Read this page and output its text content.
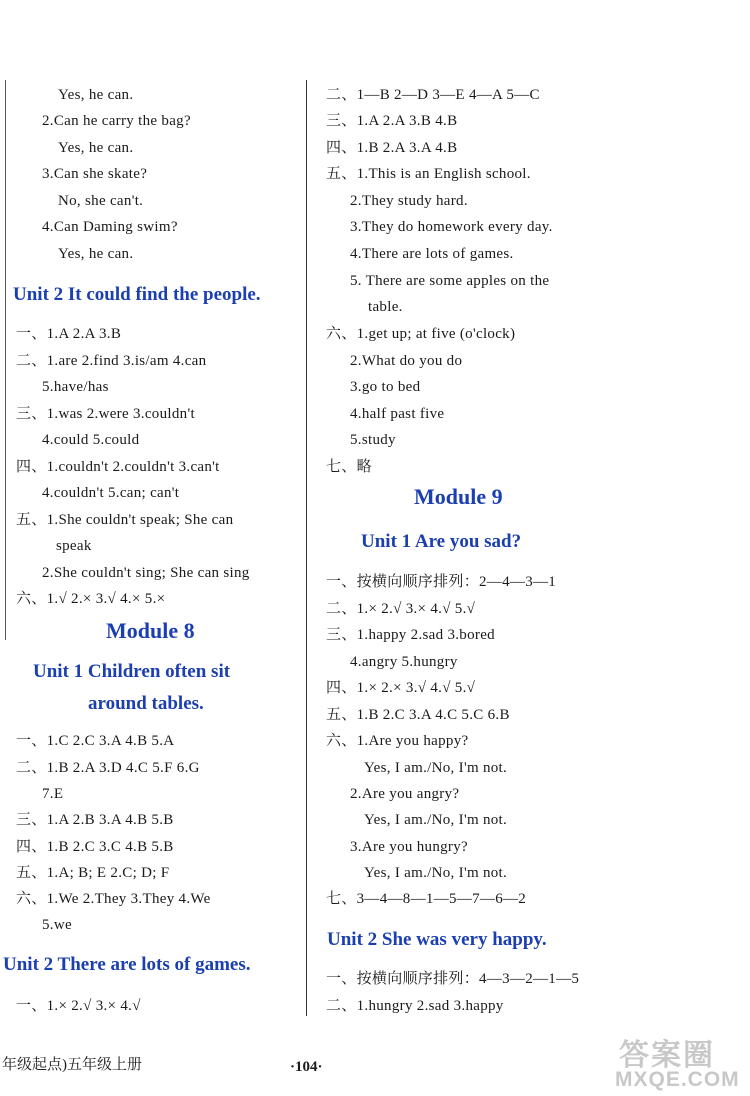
Yes, he can.
2.Can he carry the bag?
Yes, he can.
3.Can she skate?
No, she can't.
4.Can Daming swim?
Yes, he can.
Unit 2 It could find the people.
一、1.A 2.A 3.B
二、1.are 2.find 3.is/am 4.can
5.have/has
三、1.was 2.were 3.couldn't
4.could 5.could
四、1.couldn't 2.couldn't 3.can't
4.couldn't 5.can; can't
五、1.She couldn't speak; She can
speak
2.She couldn't sing; She can sing
六、1.√ 2.× 3.√ 4.× 5.×
Module 8
Unit 1 Children often sit
around tables.
一、1.C 2.C 3.A 4.B 5.A
二、1.B 2.A 3.D 4.C 5.F 6.G
7.E
三、1.A 2.B 3.A 4.B 5.B
四、1.B 2.C 3.C 4.B 5.B
五、1.A; B; E 2.C; D; F
六、1.We 2.They 3.They 4.We
5.we
Unit 2 There are lots of games.
一、1.× 2.√ 3.× 4.√
二、1—B 2—D 3—E 4—A 5—C
三、1.A 2.A 3.B 4.B
四、1.B 2.A 3.A 4.B
五、1.This is an English school.
2.They study hard.
3.They do homework every day.
4.There are lots of games.
5. There are some apples on the
table.
六、1.get up; at five (o'clock)
2.What do you do
3.go to bed
4.half past five
5.study
七、略
Module 9
Unit 1 Are you sad?
一、按横向顺序排列：2—4—3—1
二、1.× 2.√ 3.× 4.√ 5.√
三、1.happy 2.sad 3.bored
4.angry 5.hungry
四、1.× 2.× 3.√ 4.√ 5.√
五、1.B 2.C 3.A 4.C 5.C 6.B
六、1.Are you happy?
Yes, I am./No, I'm not.
2.Are you angry?
Yes, I am./No, I'm not.
3.Are you hungry?
Yes, I am./No, I'm not.
七、3—4—8—1—5—7—6—2
Unit 2 She was very happy.
一、按横向顺序排列：4—3—2—1—5
二、1.hungry 2.sad 3.happy
年级起点)五年级上册	·104·	答案圈
MXQE.COM
